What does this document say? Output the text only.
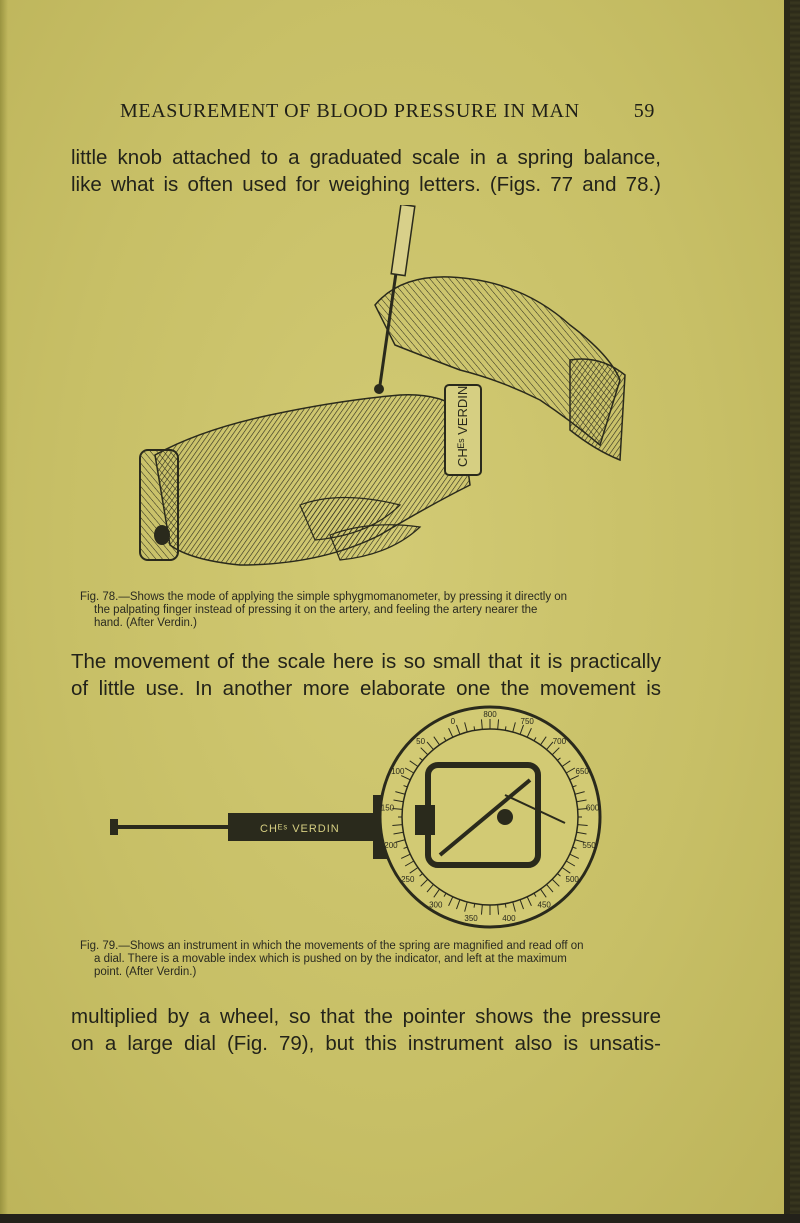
MEASUREMENT OF BLOOD PRESSURE IN MAN	59
little knob attached to a graduated scale in a spring balance,
like what is often used for weighing letters. (Figs. 77 and 78.)
CHᴱˢ VERDIN
Fig. 78.—Shows the mode of applying the simple sphygmomanometer, by pressing it directly on
the palpating finger instead of pressing it on the artery, and feeling the artery nearer the
hand. (After Verdin.)
The movement of the scale here is so small that it is practically
of little use. In another more elaborate one the movement is
CHᴱˢ VERDIN
800
750
700
650
600
550
500
450
400
350
300
250
200
150
100
50
0
Fig. 79.—Shows an instrument in which the movements of the spring are magnified and read off on
a dial. There is a movable index which is pushed on by the indicator, and left at the maximum
point. (After Verdin.)
multiplied by a wheel, so that the pointer shows the pressure
on a large dial (Fig. 79), but this instrument also is unsatis-
